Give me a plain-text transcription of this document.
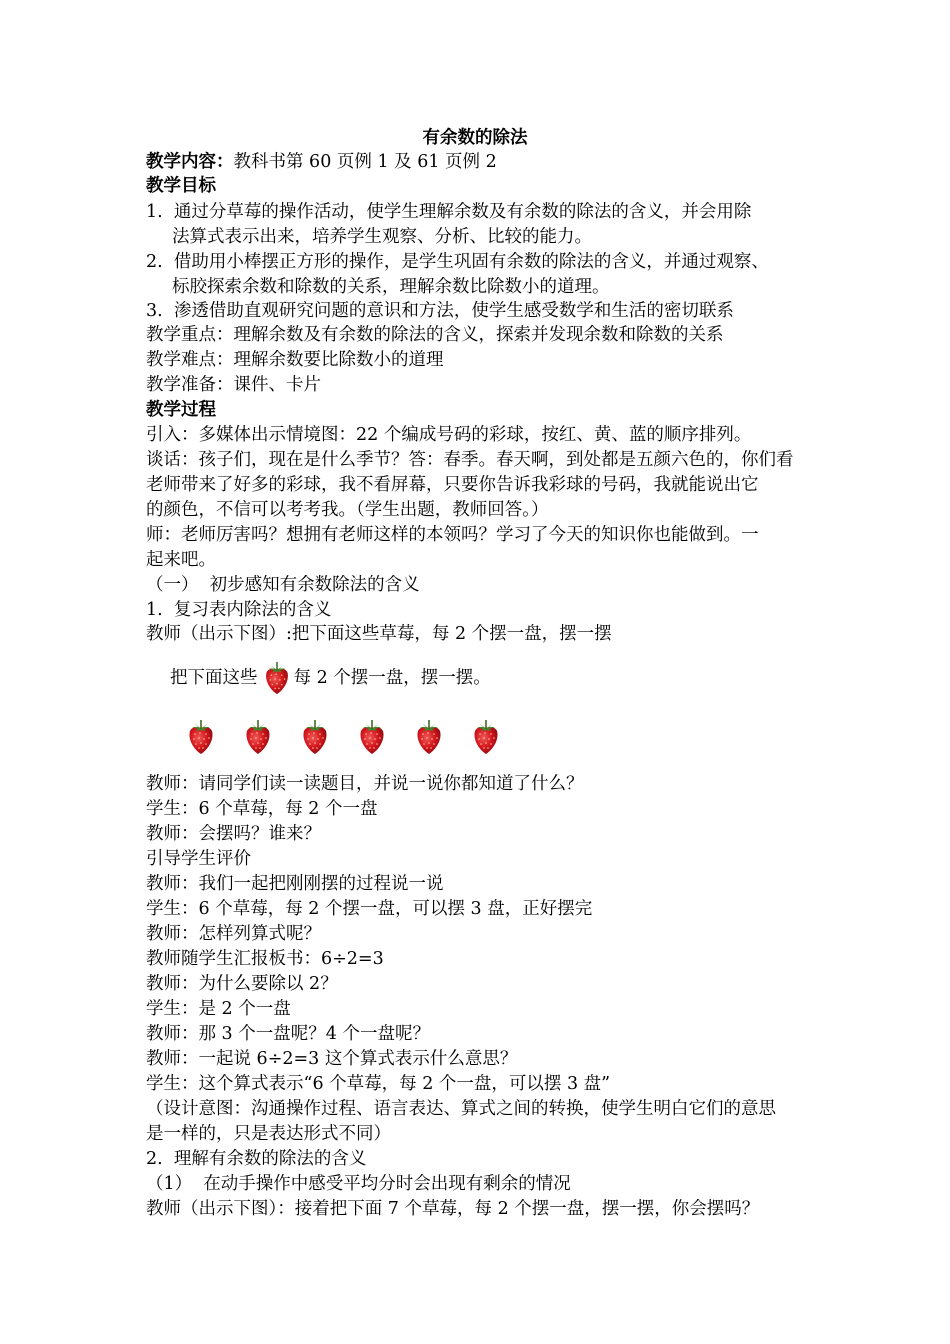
有余数的除法
教学内容：教科书第 60 页例 1 及 61 页例 2
教学目标
1.  通过分草莓的操作活动，使学生理解余数及有余数的除法的含义，并会用除
法算式表示出来，培养学生观察、分析、比较的能力。
2.  借助用小棒摆正方形的操作，是学生巩固有余数的除法的含义，并通过观察、
标胶探索余数和除数的关系，理解余数比除数小的道理。
3.  渗透借助直观研究问题的意识和方法，使学生感受数学和生活的密切联系
教学重点：理解余数及有余数的除法的含义，探索并发现余数和除数的关系
教学难点：理解余数要比除数小的道理
教学准备：课件、卡片
教学过程
引入：多媒体出示情境图：22 个编成号码的彩球，按红、黄、蓝的顺序排列。
谈话：孩子们，现在是什么季节？答：春季。春天啊，到处都是五颜六色的，你们看
老师带来了好多的彩球，我不看屏幕，只要你告诉我彩球的号码，我就能说出它
的颜色，不信可以考考我。（学生出题，教师回答。）
师：老师厉害吗？想拥有老师这样的本领吗？学习了今天的知识你也能做到。一
起来吧。
（一）  初步感知有余数除法的含义
1.  复习表内除法的含义
教师（出示下图）:把下面这些草莓，每 2 个摆一盘，摆一摆
把下面这些 每 2 个摆一盘，摆一摆。
教师：请同学们读一读题目，并说一说你都知道了什么？
学生：6 个草莓，每 2 个一盘
教师：会摆吗？谁来？
引导学生评价
教师：我们一起把刚刚摆的过程说一说
学生：6 个草莓，每 2 个摆一盘，可以摆 3 盘，正好摆完
教师：怎样列算式呢？
教师随学生汇报板书：6÷2=3
教师：为什么要除以 2？
学生：是 2 个一盘
教师：那 3 个一盘呢？4 个一盘呢？
教师：一起说 6÷2=3 这个算式表示什么意思？
学生：这个算式表示“6 个草莓，每 2 个一盘，可以摆 3 盘”
（设计意图：沟通操作过程、语言表达、算式之间的转换，使学生明白它们的意思
是一样的，只是表达形式不同）
2.  理解有余数的除法的含义
（1）  在动手操作中感受平均分时会出现有剩余的情况
教师（出示下图）：接着把下面 7 个草莓，每 2 个摆一盘，摆一摆，你会摆吗？
